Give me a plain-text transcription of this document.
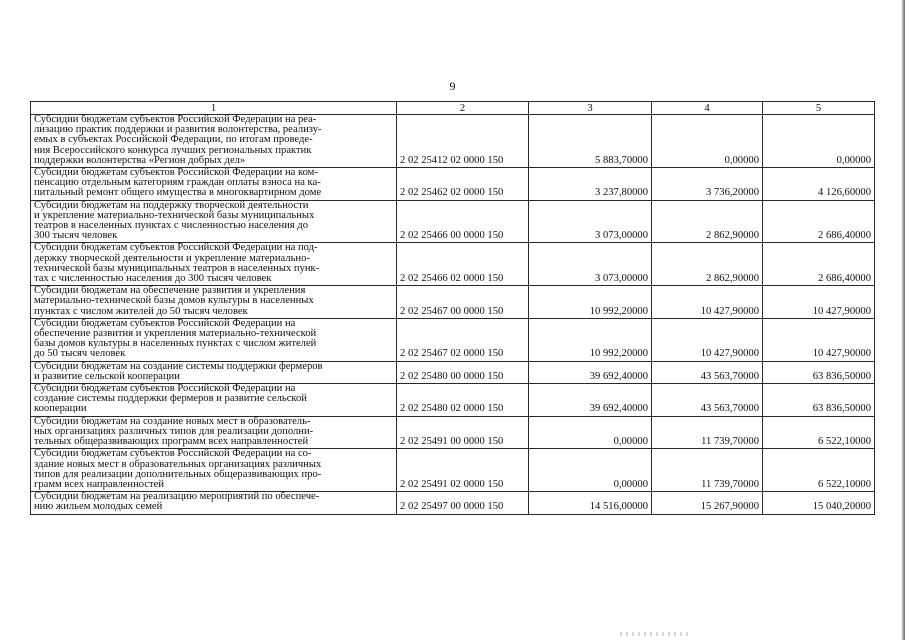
9
1	2	3	4	5
Субсидии бюджетам субъектов Российской Федерации на реа-
лизацию практик поддержки и развития волонтерства, реализу-
емых в субъектах Российской Федерации, по итогам проведе-
ния Всероссийского конкурса лучших региональных практик
поддержки волонтерства «Регион добрых дел»	2 02 25412 02 0000 150	5 883,70000	0,00000	0,00000
Субсидии бюджетам субъектов Российской Федерации на ком-
пенсацию отдельным категориям граждан оплаты взноса на ка-
питальный ремонт общего имущества в многоквартирном доме	2 02 25462 02 0000 150	3 237,80000	3 736,20000	4 126,60000
Субсидии бюджетам на поддержку творческой деятельности
и укрепление материально-технической базы муниципальных
театров в населенных пунктах с численностью населения до
300 тысяч человек	2 02 25466 00 0000 150	3 073,00000	2 862,90000	2 686,40000
Субсидии бюджетам субъектов Российской Федерации на под-
держку творческой деятельности и укрепление материально-
технической базы муниципальных театров в населенных пунк-
тах с численностью населения до 300 тысяч человек	2 02 25466 02 0000 150	3 073,00000	2 862,90000	2 686,40000
Субсидии бюджетам на обеспечение развития и укрепления
материально-технической базы домов культуры в населенных
пунктах с числом жителей до 50 тысяч человек	2 02 25467 00 0000 150	10 992,20000	10 427,90000	10 427,90000
Субсидии бюджетам субъектов Российской Федерации на
обеспечение развития и укрепления материально-технической
базы домов культуры в населенных пунктах с числом жителей
до 50 тысяч человек	2 02 25467 02 0000 150	10 992,20000	10 427,90000	10 427,90000
Субсидии бюджетам на создание системы поддержки фермеров
и развитие сельской кооперации	2 02 25480 00 0000 150	39 692,40000	43 563,70000	63 836,50000
Субсидии бюджетам субъектов Российской Федерации на
создание системы поддержки фермеров и развитие сельской
кооперации	2 02 25480 02 0000 150	39 692,40000	43 563,70000	63 836,50000
Субсидии бюджетам на создание новых мест в образователь-
ных организациях различных типов для реализации дополни-
тельных общеразвивающих программ всех направленностей	2 02 25491 00 0000 150	0,00000	11 739,70000	6 522,10000
Субсидии бюджетам субъектов Российской Федерации на со-
здание новых мест в образовательных организациях различных
типов для реализации дополнительных общеразвивающих про-
грамм всех направленностей	2 02 25491 02 0000 150	0,00000	11 739,70000	6 522,10000
Субсидии бюджетам на реализацию мероприятий по обеспече-
нию жильем молодых семей	2 02 25497 00 0000 150	14 516,00000	15 267,90000	15 040,20000
